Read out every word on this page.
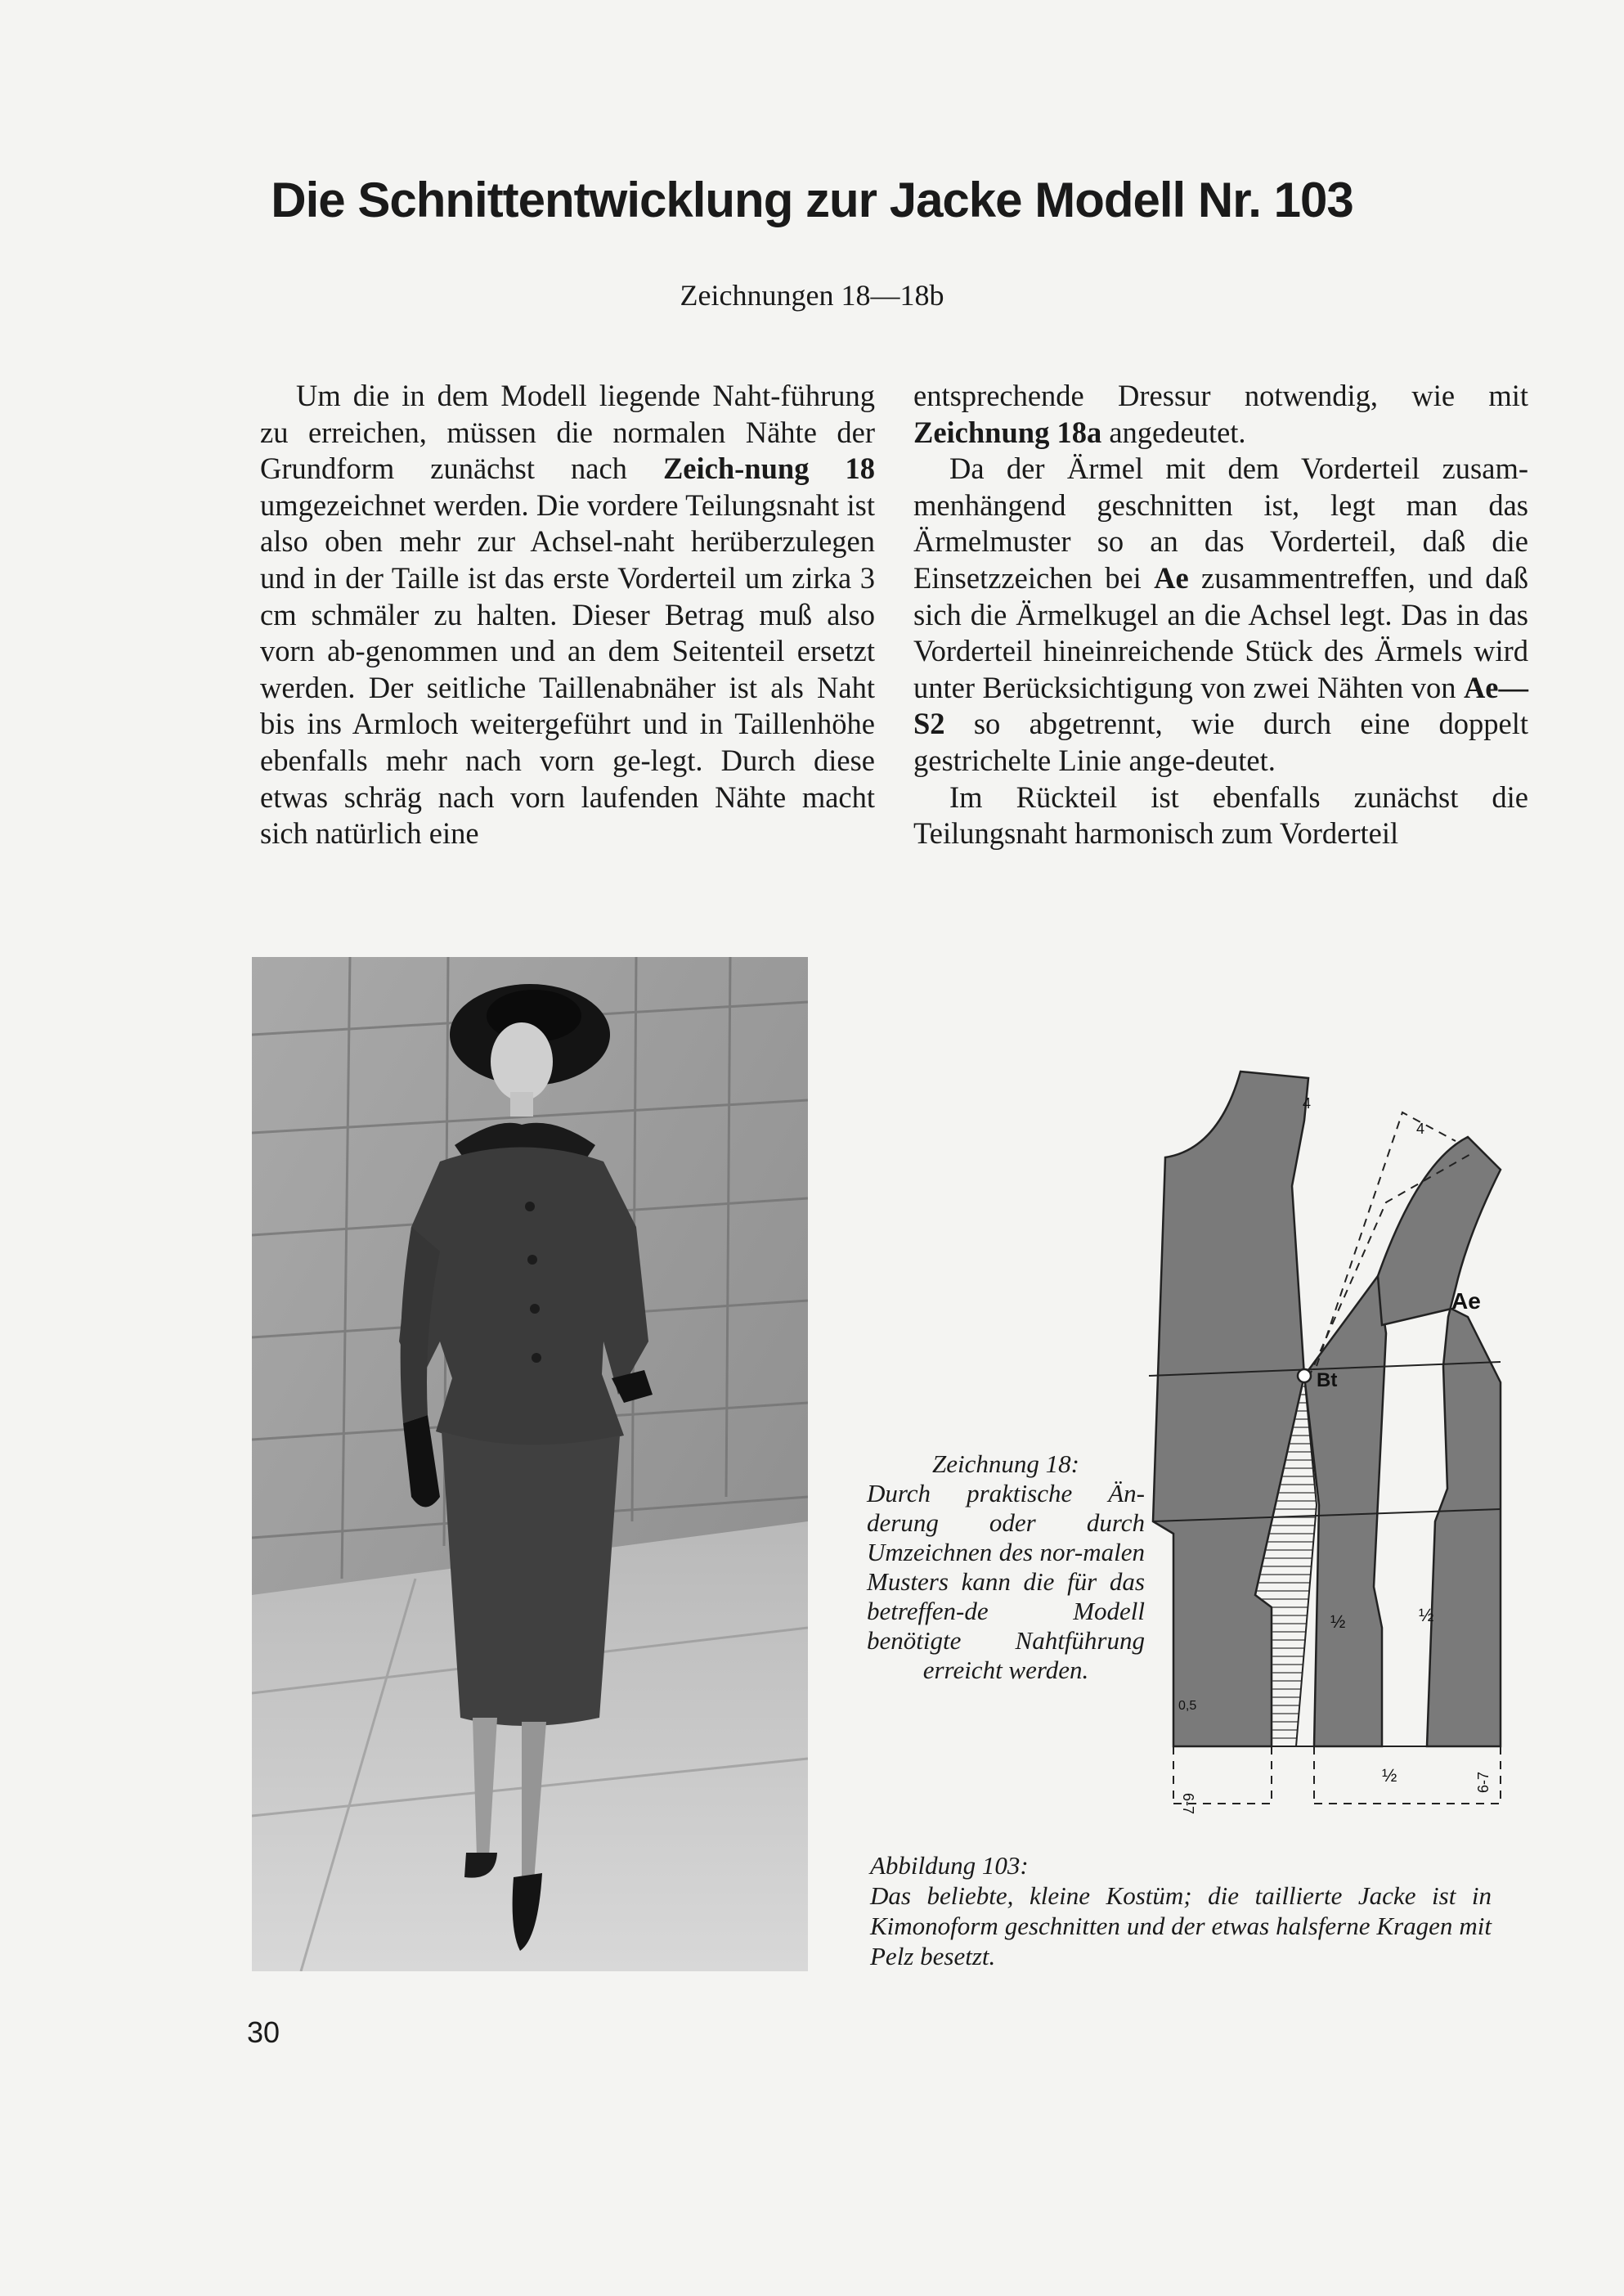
Die Schnittentwicklung zur Jacke Modell Nr. 103
Zeichnungen 18—18b

Um die in dem Modell liegende Naht-führung zu erreichen, müssen die normalen Nähte der Grundform zunächst nach Zeich-nung 18 umgezeichnet werden. Die vordere Teilungsnaht ist also oben mehr zur Achsel-naht herüberzulegen und in der Taille ist das erste Vorderteil um zirka 3 cm schmäler zu halten. Dieser Betrag muß also vorn ab-genommen und an dem Seitenteil ersetzt werden. Der seitliche Taillenabnäher ist als Naht bis ins Armloch weitergeführt und in Taillenhöhe ebenfalls mehr nach vorn ge-legt. Durch diese etwas schräg nach vorn laufenden Nähte macht sich natürlich eine

entsprechende Dressur notwendig, wie mit Zeichnung 18a angedeutet.

Da der Ärmel mit dem Vorderteil zusam-menhängend geschnitten ist, legt man das Ärmelmuster so an das Vorderteil, daß die Einsetzzeichen bei Ae zusammentreffen, und daß sich die Ärmelkugel an die Achsel legt. Das in das Vorderteil hineinreichende Stück des Ärmels wird unter Berücksichtigung von zwei Nähten von Ae—S2 so abgetrennt, wie durch eine doppelt gestrichelte Linie ange-deutet.

Im Rückteil ist ebenfalls zunächst die Teilungsnaht harmonisch zum Vorderteil

Ae
Bt
4
4
½	½
½
0,5
6-7
6-7
Zeichnung 18:
Durch praktische Än-derung oder durch Umzeichnen des nor-malen Musters kann die für das betreffen-de Modell benötigte Nahtführung erreicht werden.
Abbildung 103:
Das beliebte, kleine Kostüm; die taillierte Jacke ist in Kimonoform geschnitten und der etwas halsferne Kragen mit Pelz besetzt.
30
